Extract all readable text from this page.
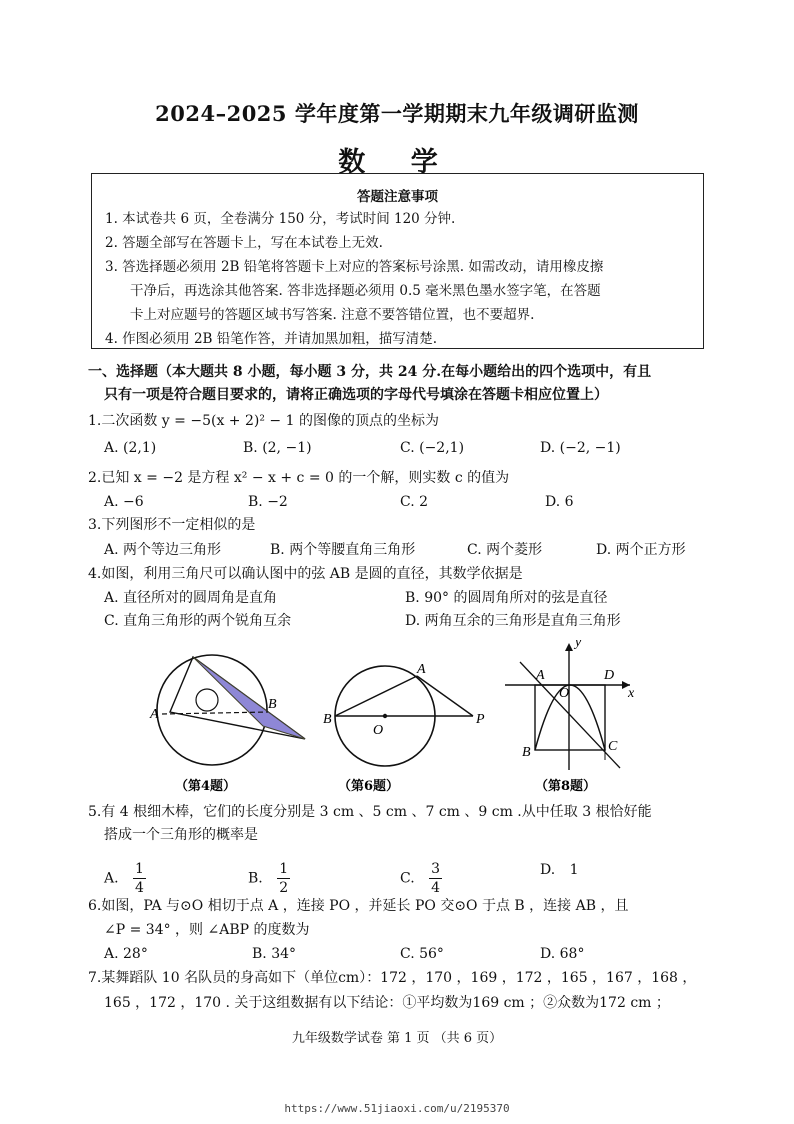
2024–2025 学年度第一学期期末九年级调研监测
数 学
答题注意事项
1. 本试卷共 6 页，全卷满分 150 分，考试时间 120 分钟.
2. 答题全部写在答题卡上，写在本试卷上无效.
3. 答选择题必须用 2B 铅笔将答题卡上对应的答案标号涂黑. 如需改动，请用橡皮擦
干净后，再选涂其他答案. 答非选择题必须用 0.5 毫米黑色墨水签字笔，在答题
卡上对应题号的答题区域书写答案. 注意不要答错位置，也不要超界.
4. 作图必须用 2B 铅笔作答，并请加黑加粗，描写清楚.
一、选择题（本大题共 8 小题，每小题 3 分，共 24 分.在每小题给出的四个选项中，有且
只有一项是符合题目要求的，请将正确选项的字母代号填涂在答题卡相应位置上）
1.二次函数 y = −5(x + 2)² − 1 的图像的顶点的坐标为
A. (2,1)	B. (2, −1)	C. (−2,1)	D. (−2, −1)
2.已知 x = −2 是方程 x² − x + c = 0 的一个解，则实数 c 的值为
A. −6	B. −2	C. 2	D. 6
3.下列图形不一定相似的是
A. 两个等边三角形	B. 两个等腰直角三角形	C. 两个菱形	D. 两个正方形
4.如图，利用三角尺可以确认图中的弦 AB 是圆的直径，其数学依据是
A. 直径所对的圆周角是直角	B. 90° 的圆周角所对的弦是直径
C. 直角三角形的两个锐角互余	D. 两角互余的三角形是直角三角形
A
B
（第4题）
A
B
O
P
（第6题）
y
A
O
D
x
B	C
（第8题）
5.有 4 根细木棒，它们的长度分别是 3 cm 、5 cm 、7 cm 、9 cm .从中任取 3 根恰好能
搭成一个三角形的概率是
A. $\frac{1}{4}$	B. $\frac{1}{2}$	C. $\frac{3}{4}$	D. 1
6.如图，PA 与⊙O 相切于点 A ，连接 PO ，并延长 PO 交⊙O 于点 B ，连接 AB ，且
∠P = 34° ，则 ∠ABP 的度数为
A. 28°	B. 34°	C. 56°	D. 68°
7.某舞蹈队 10 名队员的身高如下（单位cm）：172 ，170 ，169 ，172 ，165 ，167 ，168 ，
165 ，172 ，170 . 关于这组数据有以下结论：①平均数为169 cm ；②众数为172 cm ；
九年级数学试卷 第 1 页 （共 6 页）
https://www.51jiaoxi.com/u/2195370
